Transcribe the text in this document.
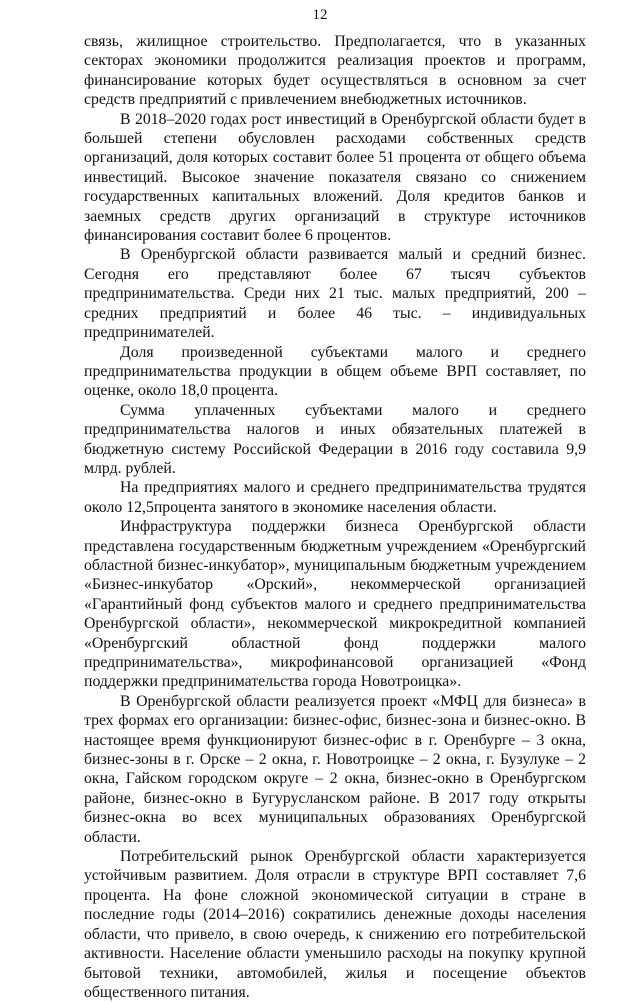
12

связь, жилищное строительство. Предполагается, что в указанных секторах экономики продолжится реализация проектов и программ, финансирование которых будет осуществляться в основном за счет средств предприятий с привлечением внебюджетных источников.

В 2018–2020 годах рост инвестиций в Оренбургской области будет в большей степени обусловлен расходами собственных средств организаций, доля которых составит более 51 процента от общего объема инвестиций. Высокое значение показателя связано со снижением государственных капитальных вложений. Доля кредитов банков и заемных средств других организаций в структуре источников финансирования составит более 6 процентов.

В Оренбургской области развивается малый и средний бизнес. Сегодня его представляют более 67 тысяч субъектов предпринимательства. Среди них 21 тыс. малых предприятий, 200 – средних предприятий и более 46 тыс. – индивидуальных предпринимателей.

Доля произведенной субъектами малого и среднего предпринимательства продукции в общем объеме ВРП составляет, по оценке, около 18,0 процента.

Сумма уплаченных субъектами малого и среднего предпринимательства налогов и иных обязательных платежей в бюджетную систему Российской Федерации в 2016 году составила 9,9 млрд. рублей.

На предприятиях малого и среднего предпринимательства трудятся около 12,5процента занятого в экономике населения области.

Инфраструктура поддержки бизнеса Оренбургской области представлена государственным бюджетным учреждением «Оренбургский областной бизнес-инкубатор», муниципальным бюджетным учреждением «Бизнес-инкубатор «Орский», некоммерческой организацией «Гарантийный фонд субъектов малого и среднего предпринимательства Оренбургской области», некоммерческой микрокредитной компанией «Оренбургский областной фонд поддержки малого предпринимательства», микрофинансовой организацией «Фонд поддержки предпринимательства города Новотроицка».

В Оренбургской области реализуется проект «МФЦ для бизнеса» в трех формах его организации: бизнес-офис, бизнес-зона и бизнес-окно. В настоящее время функционируют бизнес-офис в г. Оренбурге – 3 окна, бизнес-зоны в г. Орске – 2 окна, г. Новотроицке – 2 окна, г. Бузулуке – 2 окна, Гайском городском округе – 2 окна, бизнес-окно в Оренбургском районе, бизнес-окно в Бугурусланском районе. В 2017 году открыты бизнес-окна во всех муниципальных образованиях Оренбургской области.

Потребительский рынок Оренбургской области характеризуется устойчивым развитием. Доля отрасли в структуре ВРП составляет 7,6 процента. На фоне сложной экономической ситуации в стране в последние годы (2014–2016) сократились денежные доходы населения области, что привело, в свою очередь, к снижению его потребительской активности. Население области уменьшило расходы на покупку крупной бытовой техники, автомобилей, жилья и посещение объектов общественного питания.
